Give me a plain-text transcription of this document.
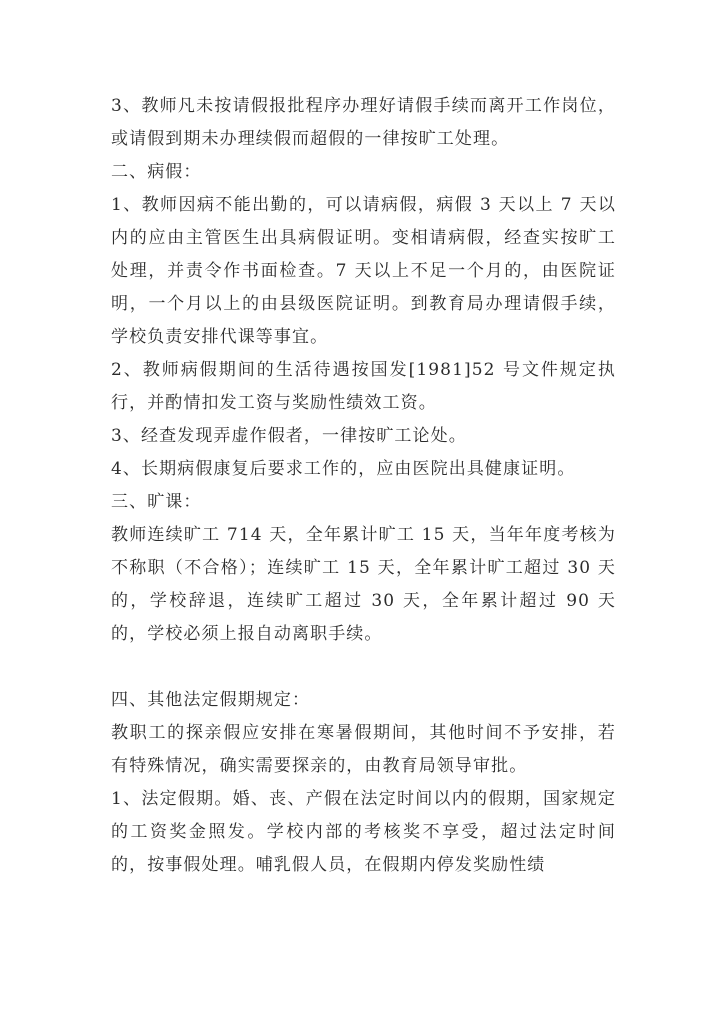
3、教师凡未按请假报批程序办理好请假手续而离开工作岗位，或请假到期未办理续假而超假的一律按旷工处理。

二、病假：

1、教师因病不能出勤的，可以请病假，病假 3 天以上 7 天以内的应由主管医生出具病假证明。变相请病假，经查实按旷工处理，并责令作书面检查。7 天以上不足一个月的，由医院证明，一个月以上的由县级医院证明。到教育局办理请假手续，学校负责安排代课等事宜。

2、教师病假期间的生活待遇按国发[1981]52 号文件规定执行，并酌情扣发工资与奖励性绩效工资。

3、经查发现弄虚作假者，一律按旷工论处。

4、长期病假康复后要求工作的，应由医院出具健康证明。

三、旷课：

教师连续旷工 714 天，全年累计旷工 15 天，当年年度考核为不称职（不合格）；连续旷工 15 天，全年累计旷工超过 30 天的，学校辞退，连续旷工超过 30 天，全年累计超过 90 天的，学校必须上报自动离职手续。

四、其他法定假期规定：

教职工的探亲假应安排在寒暑假期间，其他时间不予安排，若有特殊情况，确实需要探亲的，由教育局领导审批。

1、法定假期。婚、丧、产假在法定时间以内的假期，国家规定的工资奖金照发。学校内部的考核奖不享受，超过法定时间的，按事假处理。哺乳假人员，在假期内停发奖励性绩
